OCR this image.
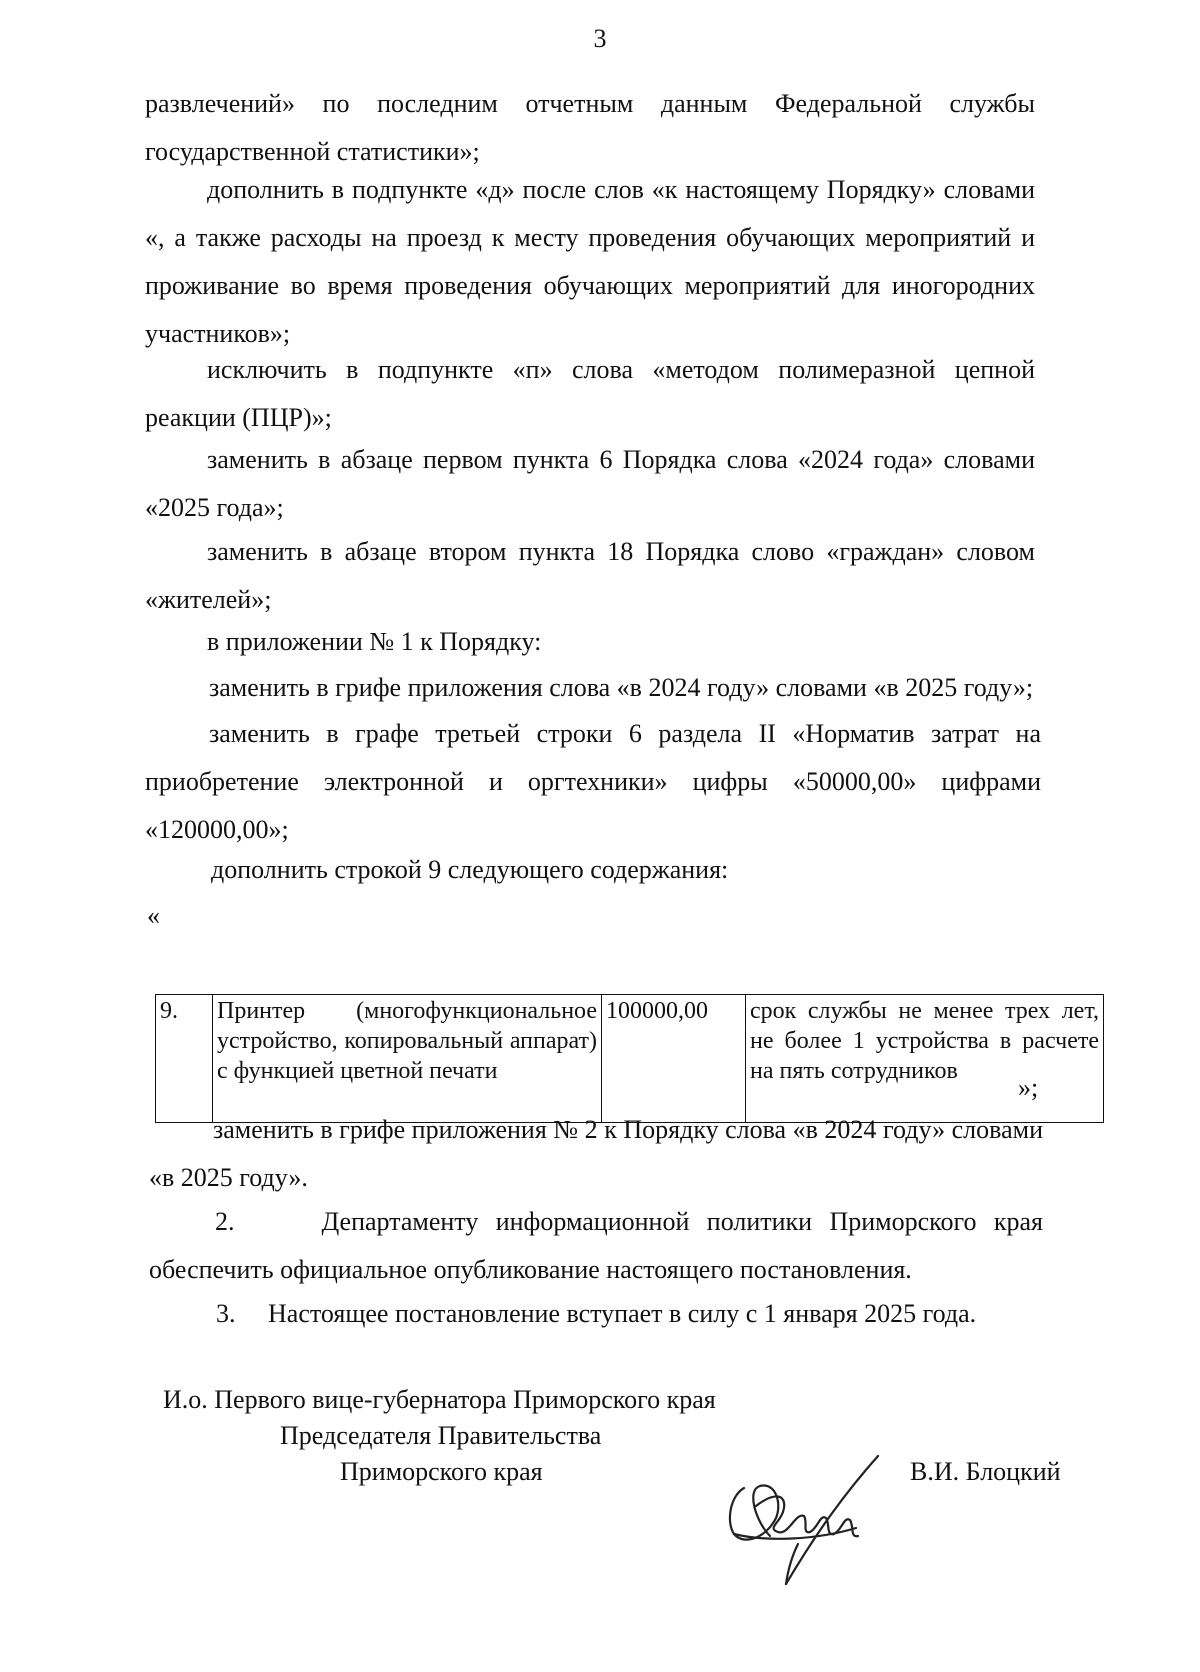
3

развлечений» по последним отчетным данным Федеральной службы государственной статистики»;

дополнить в подпункте «д» после слов «к настоящему Порядку» словами «, а также расходы на проезд к месту проведения обучающих мероприятий и проживание во время проведения обучающих мероприятий для иногородних участников»;

исключить в подпункте «п» слова «методом полимеразной цепной реакции (ПЦР)»;

заменить в абзаце первом пункта 6 Порядка слова «2024 года» словами «2025 года»;

заменить в абзаце втором пункта 18 Порядка слово «граждан» словом «жителей»;

в приложении № 1 к Порядку:

заменить в грифе приложения слова «в 2024 году» словами «в 2025 году»;

заменить в графе третьей строки 6 раздела II «Норматив затрат на приобретение электронной и оргтехники» цифры «50000,00» цифрами «120000,00»;

дополнить строкой 9 следующего содержания:

«

9.	Принтер (многофункциональное устройство, копировальный аппарат) с функцией цветной печати	100000,00	срок службы не менее трех лет, не более 1 устройства в расчете на пять сотрудников

»;

заменить в грифе приложения № 2 к Порядку слова «в 2024 году» словами «в 2025 году».

2.     Департаменту информационной политики Приморского края обеспечить официальное опубликование настоящего постановления.

3.     Настоящее постановление вступает в силу с 1 января 2025 года.

И.о. Первого вице-губернатора Приморского края
Председателя Правительства
Приморского края	В.И. Блоцкий
